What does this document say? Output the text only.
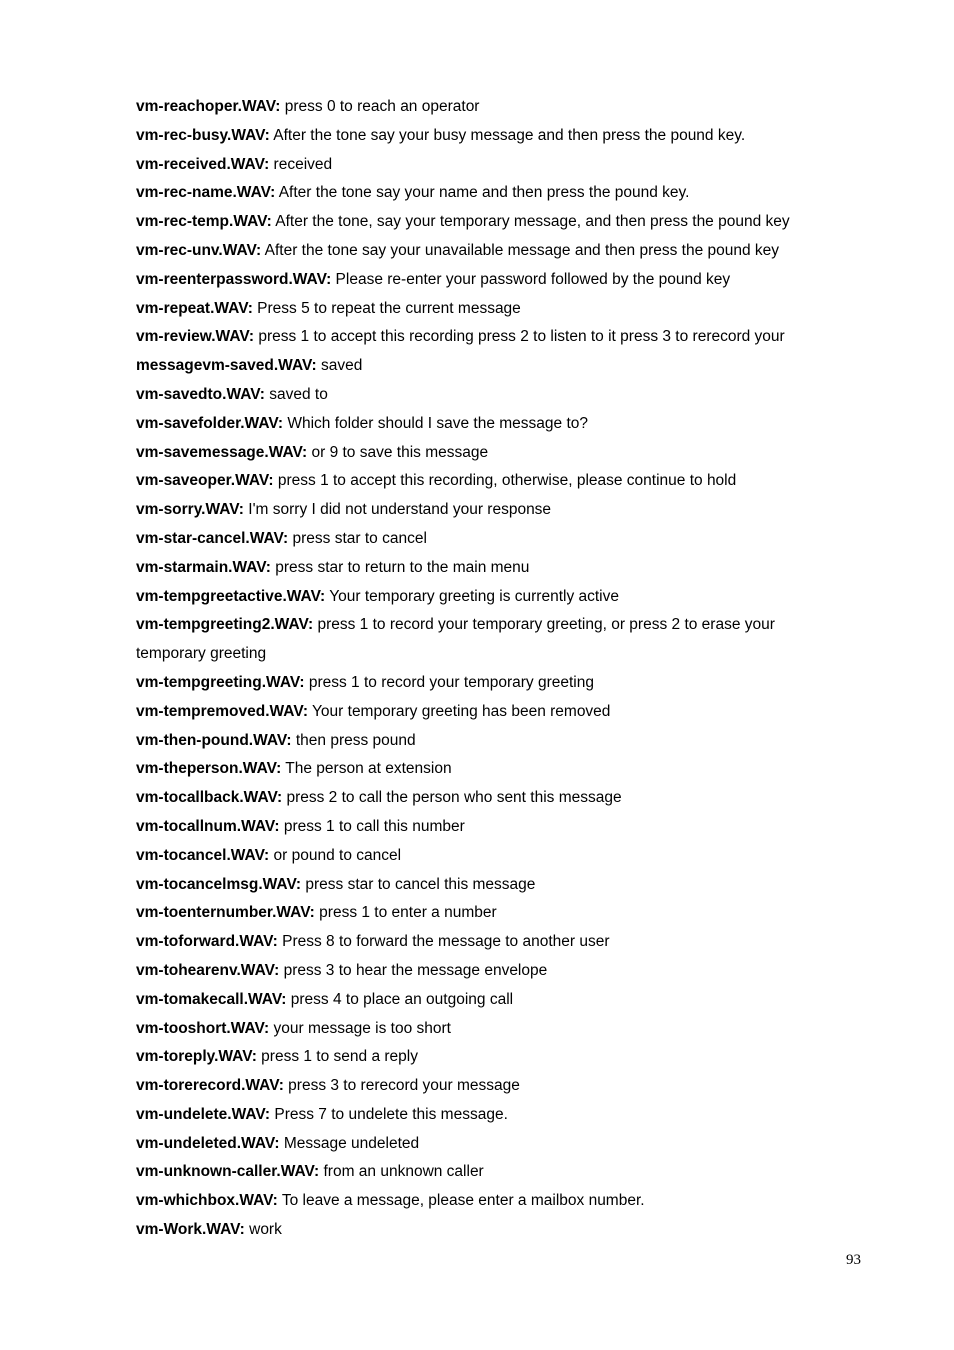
vm-reachoper.WAV: press 0 to reach an operator
vm-rec-busy.WAV: After the tone say your busy message and then press the pound key.
vm-received.WAV: received
vm-rec-name.WAV: After the tone say your name and then press the pound key.
vm-rec-temp.WAV: After the tone, say your temporary message, and then press the pound key
vm-rec-unv.WAV: After the tone say your unavailable message and then press the pound key
vm-reenterpassword.WAV: Please re-enter your password followed by the pound key
vm-repeat.WAV: Press 5 to repeat the current message
vm-review.WAV: press 1 to accept this recording press 2 to listen to it press 3 to rerecord your
messagevm-saved.WAV: saved
vm-savedto.WAV: saved to
vm-savefolder.WAV: Which folder should I save the message to?
vm-savemessage.WAV: or 9 to save this message
vm-saveoper.WAV: press 1 to accept this recording, otherwise, please continue to hold
vm-sorry.WAV: I'm sorry I did not understand your response
vm-star-cancel.WAV: press star to cancel
vm-starmain.WAV: press star to return to the main menu
vm-tempgreetactive.WAV: Your temporary greeting is currently active
vm-tempgreeting2.WAV: press 1 to record your temporary greeting, or press 2 to erase your temporary greeting
vm-tempgreeting.WAV: press 1 to record your temporary greeting
vm-tempremoved.WAV: Your temporary greeting has been removed
vm-then-pound.WAV: then press pound
vm-theperson.WAV: The person at extension
vm-tocallback.WAV: press 2 to call the person who sent this message
vm-tocallnum.WAV: press 1 to call this number
vm-tocancel.WAV: or pound to cancel
vm-tocancelmsg.WAV: press star to cancel this message
vm-toenternumber.WAV: press 1 to enter a number
vm-toforward.WAV: Press 8 to forward the message to another user
vm-tohearenv.WAV: press 3 to hear the message envelope
vm-tomakecall.WAV: press 4 to place an outgoing call
vm-tooshort.WAV: your message is too short
vm-toreply.WAV: press 1 to send a reply
vm-torerecord.WAV: press 3 to rerecord your message
vm-undelete.WAV: Press 7 to undelete this message.
vm-undeleted.WAV: Message undeleted
vm-unknown-caller.WAV: from an unknown caller
vm-whichbox.WAV: To leave a message, please enter a mailbox number.
vm-Work.WAV: work
93
